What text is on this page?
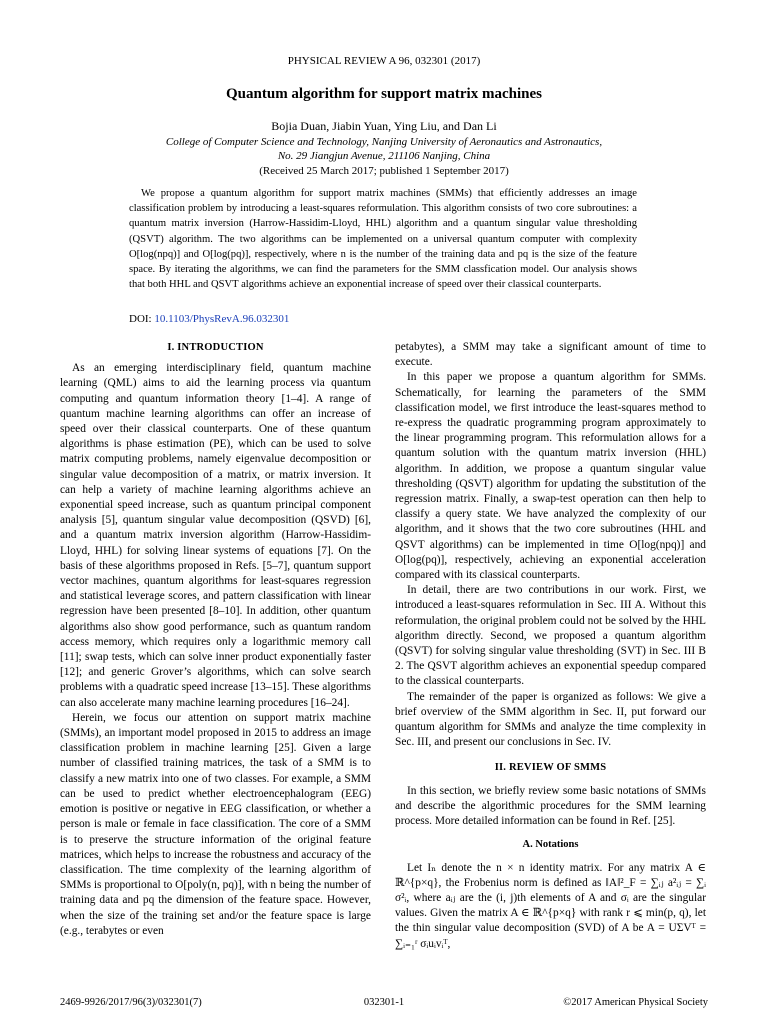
PHYSICAL REVIEW A 96, 032301 (2017)
Quantum algorithm for support matrix machines
Bojia Duan, Jiabin Yuan, Ying Liu, and Dan Li
College of Computer Science and Technology, Nanjing University of Aeronautics and Astronautics,
No. 29 Jiangjun Avenue, 211106 Nanjing, China
(Received 25 March 2017; published 1 September 2017)
We propose a quantum algorithm for support matrix machines (SMMs) that efficiently addresses an image classification problem by introducing a least-squares reformulation. This algorithm consists of two core subroutines: a quantum matrix inversion (Harrow-Hassidim-Lloyd, HHL) algorithm and a quantum singular value thresholding (QSVT) algorithm. The two algorithms can be implemented on a universal quantum computer with complexity O[log(npq)] and O[log(pq)], respectively, where n is the number of the training data and pq is the size of the feature space. By iterating the algorithms, we can find the parameters for the SMM classfication model. Our analysis shows that both HHL and QSVT algorithms achieve an exponential increase of speed over their classical counterparts.
DOI: 10.1103/PhysRevA.96.032301
I. INTRODUCTION

As an emerging interdisciplinary field, quantum machine learning (QML) aims to aid the learning process via quantum computing and quantum information theory [1–4]. A range of quantum machine learning algorithms can offer an increase of speed over their classical counterparts. One of these quantum algorithms is phase estimation (PE), which can be used to solve matrix computing problems, namely eigenvalue decomposition or singular value decomposition of a matrix, or matrix inversion. It can help a variety of machine learning algorithms achieve an exponential speed increase, such as quantum principal component analysis [5], quantum singular value decomposition (QSVD) [6], and a quantum matrix inversion algorithm (Harrow-Hassidim-Lloyd, HHL) for solving linear systems of equations [7]. On the basis of these algorithms proposed in Refs. [5–7], quantum support vector machines, quantum algorithms for least-squares regression and statistical leverage scores, and pattern classification with linear regression have been presented [8–10]. In addition, other quantum algorithms also show good performance, such as quantum random access memory, which requires only a logarithmic memory call [11]; swap tests, which can solve inner product exponentially faster [12]; and generic Grover’s algorithms, which can solve search problems with a quadratic speed increase [13–15]. These algorithms can also accelerate many machine learning procedures [16–24].

Herein, we focus our attention on support matrix machine (SMMs), an important model proposed in 2015 to address an image classification problem in machine learning [25]. Given a large number of classified training matrices, the task of a SMM is to classify a new matrix into one of two classes. For example, a SMM can be used to predict whether electroencephalogram (EEG) emotion is positive or negative in EEG classification, or whether a person is male or female in face classification. The core of a SMM is to preserve the structure information of the original feature matrices, which helps to increase the robustness and accuracy of the classification. The time complexity of the learning algorithm of SMMs is proportional to O[poly(n, pq)], with n being the number of training data and pq the dimension of the feature space. However, when the size of the training set and/or the feature space is large (e.g., terabytes or even

petabytes), a SMM may take a significant amount of time to execute.

In this paper we propose a quantum algorithm for SMMs. Schematically, for learning the parameters of the SMM classification model, we first introduce the least-squares method to re-express the quadratic programming program approximately to the linear programming program. This reformulation allows for a quantum solution with the quantum matrix inversion (HHL) algorithm. In addition, we propose a quantum singular value thresholding (QSVT) algorithm for updating the substitution of the regression matrix. Finally, a swap-test operation can then help to classify a query state. We have analyzed the complexity of our algorithm, and it shows that the two core subroutines (HHL and QSVT algorithms) can be implemented in time O[log(npq)] and O[log(pq)], respectively, achieving an exponential acceleration compared with its classical counterparts.

In detail, there are two contributions in our work. First, we introduced a least-squares reformulation in Sec. III A. Without this reformulation, the original problem could not be solved by the HHL algorithm directly. Second, we proposed a quantum algorithm (QSVT) for solving singular value thresholding (SVT) in Sec. III B 2. The QSVT algorithm achieves an exponential speedup compared to the classical counterparts.

The remainder of the paper is organized as follows: We give a brief overview of the SMM algorithm in Sec. II, put forward our quantum algorithm for SMMs and analyze the time complexity in Sec. III, and present our conclusions in Sec. IV.

II. REVIEW OF SMMS

In this section, we briefly review some basic notations of SMMs and describe the algorithmic procedures for the SMM learning process. More detailed information can be found in Ref. [25].

A. Notations

Let Iₙ denote the n × n identity matrix. For any matrix A ∈ ℝ^{p×q}, the Frobenius norm is defined as ‖A‖²_F = ∑ᵢⱼ a²ᵢⱼ = ∑ᵢ σ²ᵢ, where aᵢⱼ are the (i, j)th elements of A and σᵢ are the singular values. Given the matrix A ∈ ℝ^{p×q} with rank r ⩽ min(p, q), let the thin singular value decomposition (SVD) of A be A = UΣVᵀ = ∑ᵢ₌₁ʳ σᵢuᵢvᵢᵀ,

2469-9926/2017/96(3)/032301(7)	032301-1	©2017 American Physical Society
